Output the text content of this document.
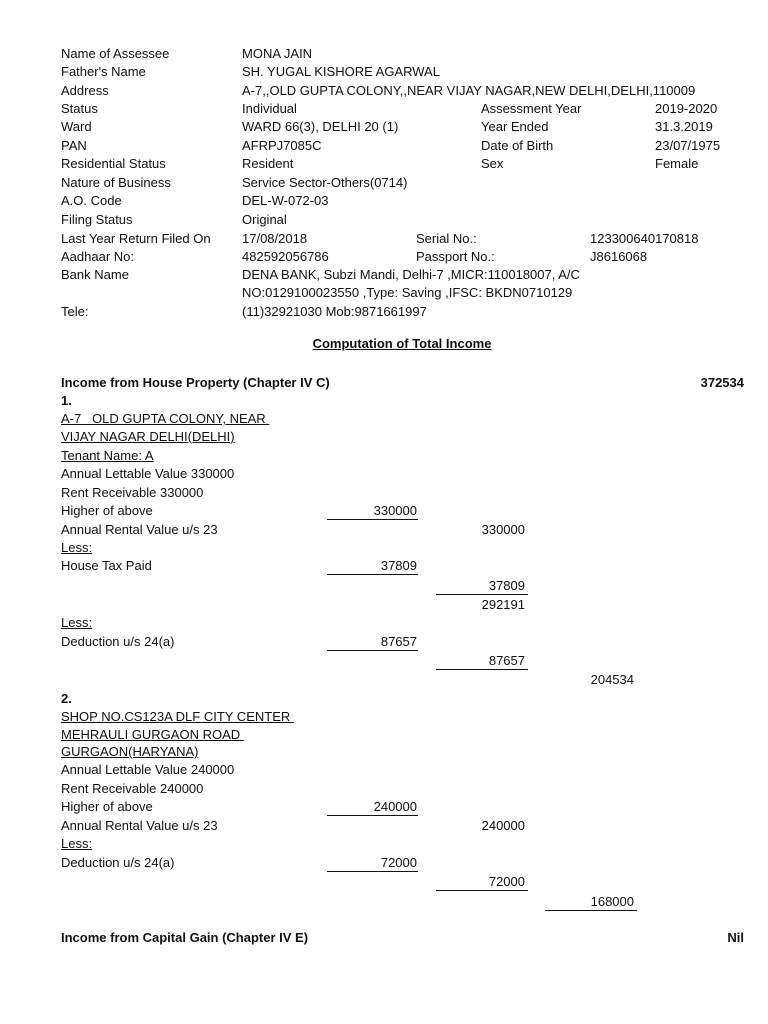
Name of Assessee	MONA JAIN
Father's Name	SH. YUGAL KISHORE AGARWAL
Address	A-7,,OLD GUPTA COLONY,,NEAR VIJAY NAGAR,NEW DELHI,DELHI,110009
Status	Individual	Assessment Year	2019-2020
Ward	WARD 66(3), DELHI 20 (1)	Year Ended	31.3.2019
PAN	AFRPJ7085C	Date of Birth	23/07/1975
Residential Status	Resident	Sex	Female
Nature of Business	Service Sector-Others(0714)
A.O. Code	DEL-W-072-03
Filing Status	Original
Last Year Return Filed On 17/08/2018	Serial No.:	123300640170818
Aadhaar No:	482592056786	Passport No.:	J8616068
Bank Name	DENA BANK, Subzi Mandi, Delhi-7 ,MICR:110018007, A/C
NO:0129100023550 ,Type: Saving ,IFSC: BKDN0710129
Tele:	(11)32921030 Mob:9871661997
Computation of Total Income
Income from House Property (Chapter IV C)	372534
1.
A-7   OLD GUPTA COLONY, NEAR
VIJAY NAGAR DELHI(DELHI)
Tenant Name: A
Annual Lettable Value 330000
Rent Receivable 330000
Higher of above	330000
Annual Rental Value u/s 23	330000
Less:
House Tax Paid	37809
37809
292191
Less:
Deduction u/s 24(a)	87657
87657
204534
2.
SHOP NO.CS123A DLF CITY CENTER
MEHRAULI GURGAON ROAD
GURGAON(HARYANA)
Annual Lettable Value 240000
Rent Receivable 240000
Higher of above	240000
Annual Rental Value u/s 23	240000
Less:
Deduction u/s 24(a)	72000
72000
168000
Income from Capital Gain (Chapter IV E)	Nil
